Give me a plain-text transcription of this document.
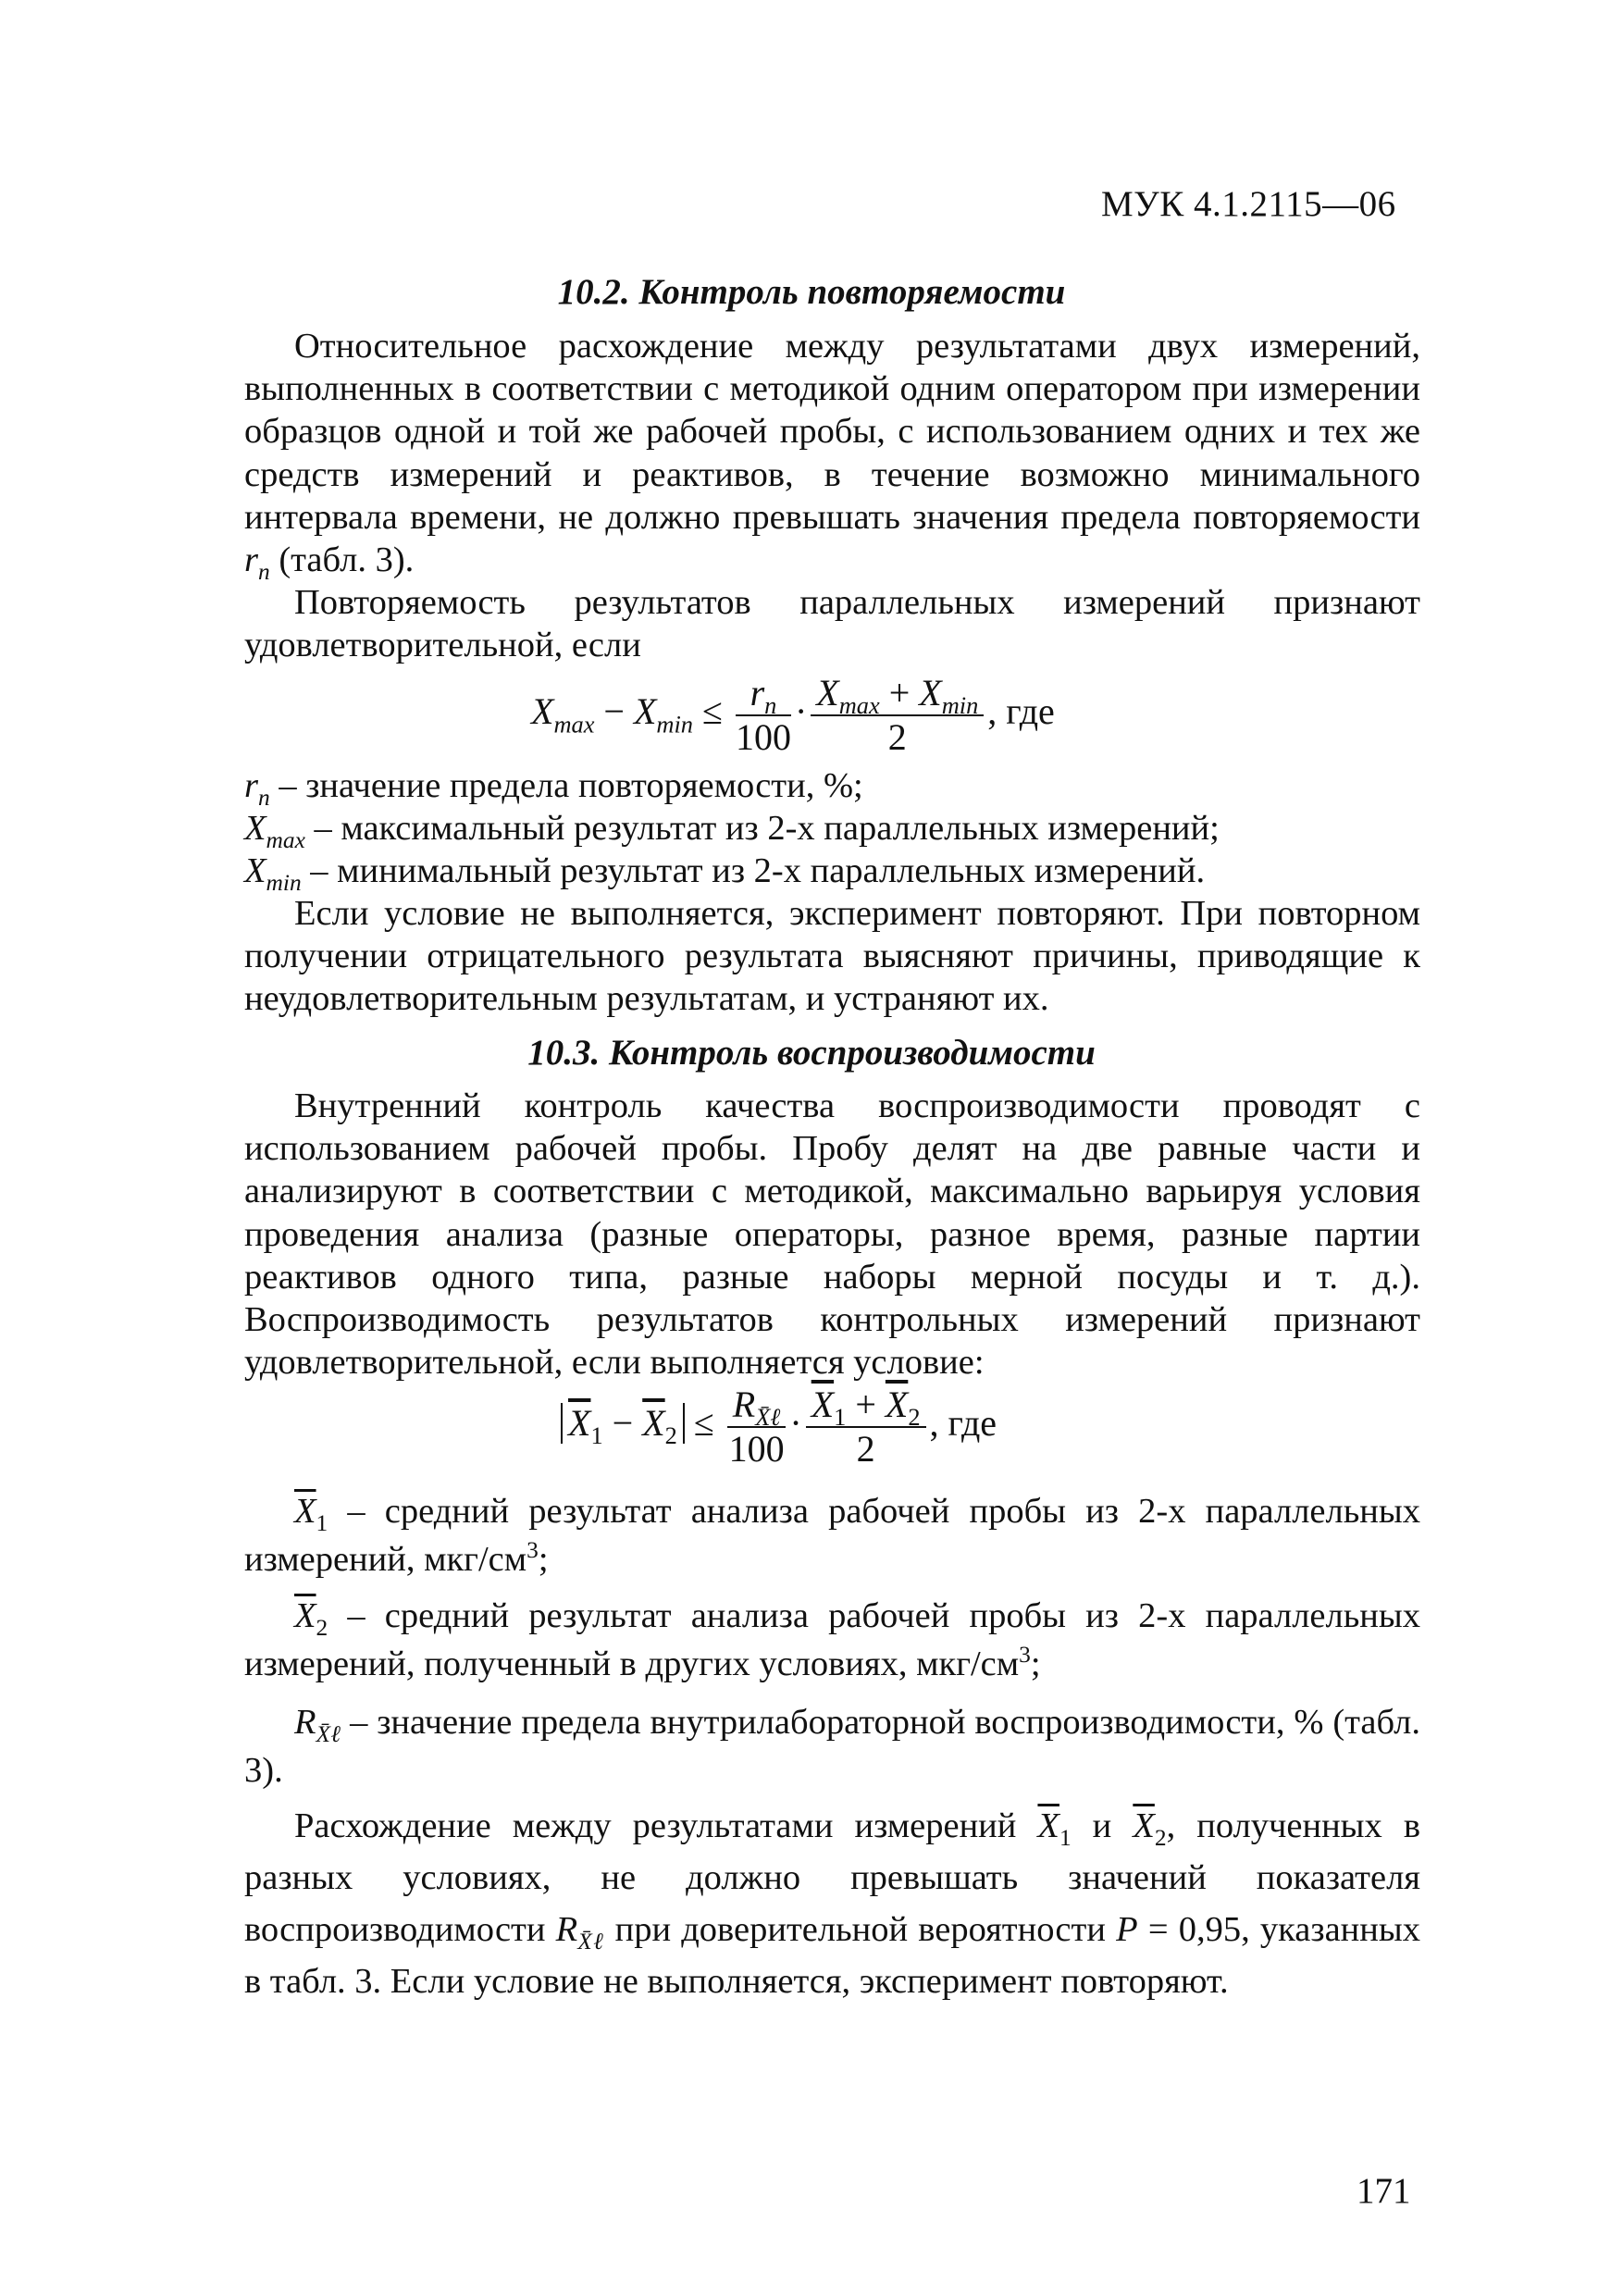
МУК 4.1.2115—06
10.2. Контроль повторяемости
Относительное расхождение между результатами двух измерений, выполненных в соответствии с методикой одним оператором при измерении образцов одной и той же рабочей пробы, с использованием одних и тех же средств измерений и реактивов, в течение возможно минимального интервала времени, не должно превышать значения предела повторяемости $r_n$ (табл. 3).
Повторяемость результатов параллельных измерений признают удовлетворительной, если
$X_{max} - X_{min} \le \frac{r_n}{100} \cdot \frac{X_{max} + X_{min}}{2}$ , где
$r_n$ – значение предела повторяемости, %;
$X_{max}$ – максимальный результат из 2-х параллельных измерений;
$X_{min}$ – минимальный результат из 2-х параллельных измерений.
Если условие не выполняется, эксперимент повторяют. При повторном получении отрицательного результата выясняют причины, приводящие к неудовлетворительным результатам, и устраняют их.
10.3. Контроль воспроизводимости
Внутренний контроль качества воспроизводимости проводят с использованием рабочей пробы. Пробу делят на две равные части и анализируют в соответствии с методикой, максимально варьируя условия проведения анализа (разные операторы, разное время, разные партии реактивов одного типа, разные наборы мерной посуды и т. д.). Воспроизводимость результатов контрольных измерений признают удовлетворительной, если выполняется условие:
$\overline{X}_1 - \overline{X}_2 \le \frac{R_{X̄\ell}}{100} \cdot \frac{\overline{X}_1 + \overline{X}_2}{2}$ , где
$\overline{X}_1$ – средний результат анализа рабочей пробы из 2-х параллельных измерений, мкг/$см^3$;
$\overline{X}_2$ – средний результат анализа рабочей пробы из 2-х параллельных измерений, полученный в других условиях, мкг/$см^3$;
$R_{X̄\ell}$ – значение предела внутрилабораторной воспроизводимости, % (табл. 3).
Расхождение между результатами измерений $\overline{X}_1$ и $\overline{X}_2$, полученных в разных условиях, не должно превышать значений показателя воспроизводимости $R_{X̄\ell}$ при доверительной вероятности P = 0,95, указанных в табл. 3. Если условие не выполняется, эксперимент повторяют.
171
